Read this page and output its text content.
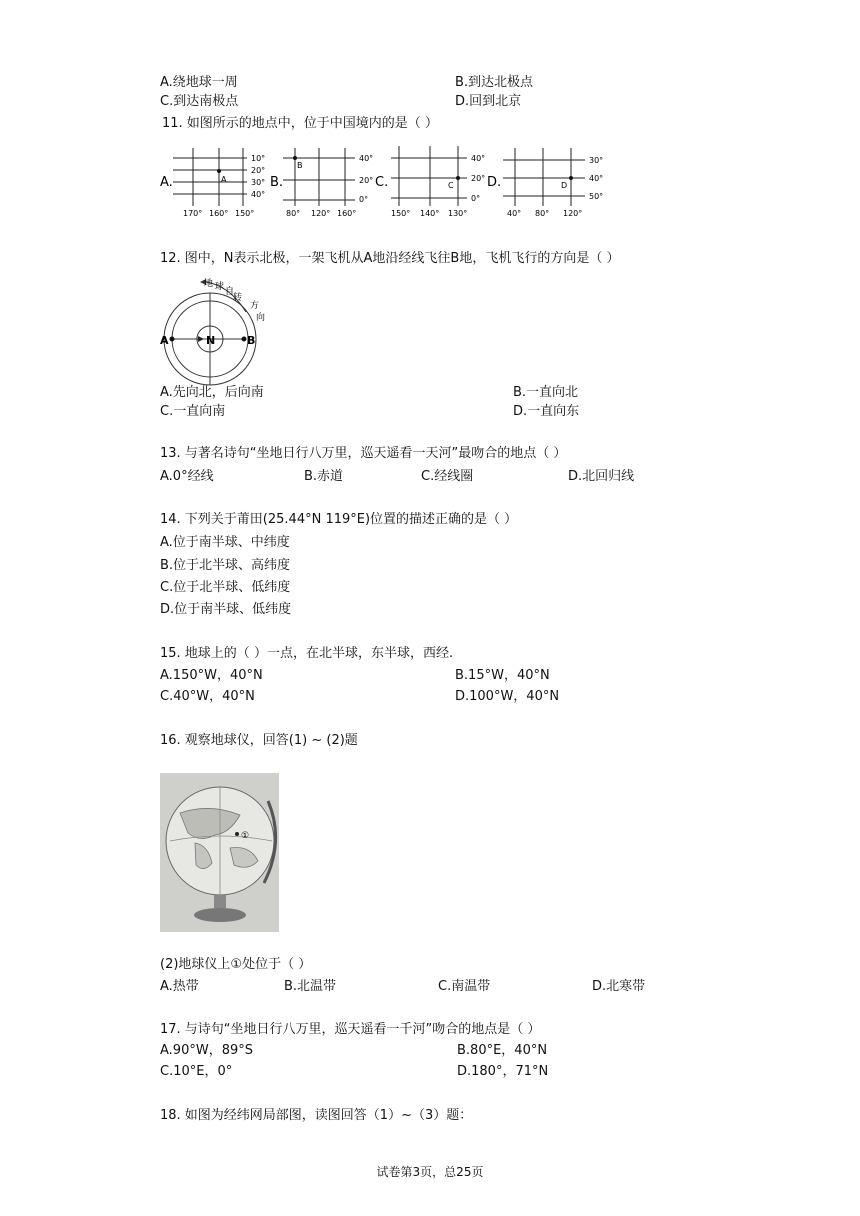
A.绕地球一周	B.到达北极点
C.到达南极点	D.回到北京
11. 如图所示的地点中，位于中国境内的是（ ）
A.	A
10°
20°
30°
40°
170° 160° 150°
B.
B
40°
20°
0°
80° 120° 160°
C.	C
40°
20°
0°
150° 140° 130°
D.	D
30°
40°
50°
40° 80° 120°
12. 图中，N表示北极，一架飞机从A地沿经线飞往B地，飞机飞行的方向是（ ）
A	N	B
地 球 自
转
方
向
A.先向北，后向南	B.一直向北
C.一直向南	D.一直向东
13. 与著名诗句“坐地日行八万里，巡天遥看一天河”最吻合的地点（ ）
A.0°经线	B.赤道	C.经线圈	D.北回归线
14. 下列关于莆田(25.44°N 119°E)位置的描述正确的是（ ）
A.位于南半球、中纬度
B.位于北半球、高纬度
C.位于北半球、低纬度
D.位于南半球、低纬度
15. 地球上的（ ）一点，在北半球，东半球，西经.
A.150°W，40°N	B.15°W，40°N
C.40°W，40°N	D.100°W，40°N
16. 观察地球仪，回答(1) ~ (2)题
①
(2)地球仪上①处位于（ ）
A.热带	B.北温带	C.南温带	D.北寒带
17. 与诗句“坐地日行八万里，巡天遥看一千河”吻合的地点是（ ）
A.90°W，89°S	B.80°E，40°N
C.10°E，0°	D.180°，71°N
18. 如图为经纬网局部图，读图回答（1）~（3）题：
试卷第3页，总25页
